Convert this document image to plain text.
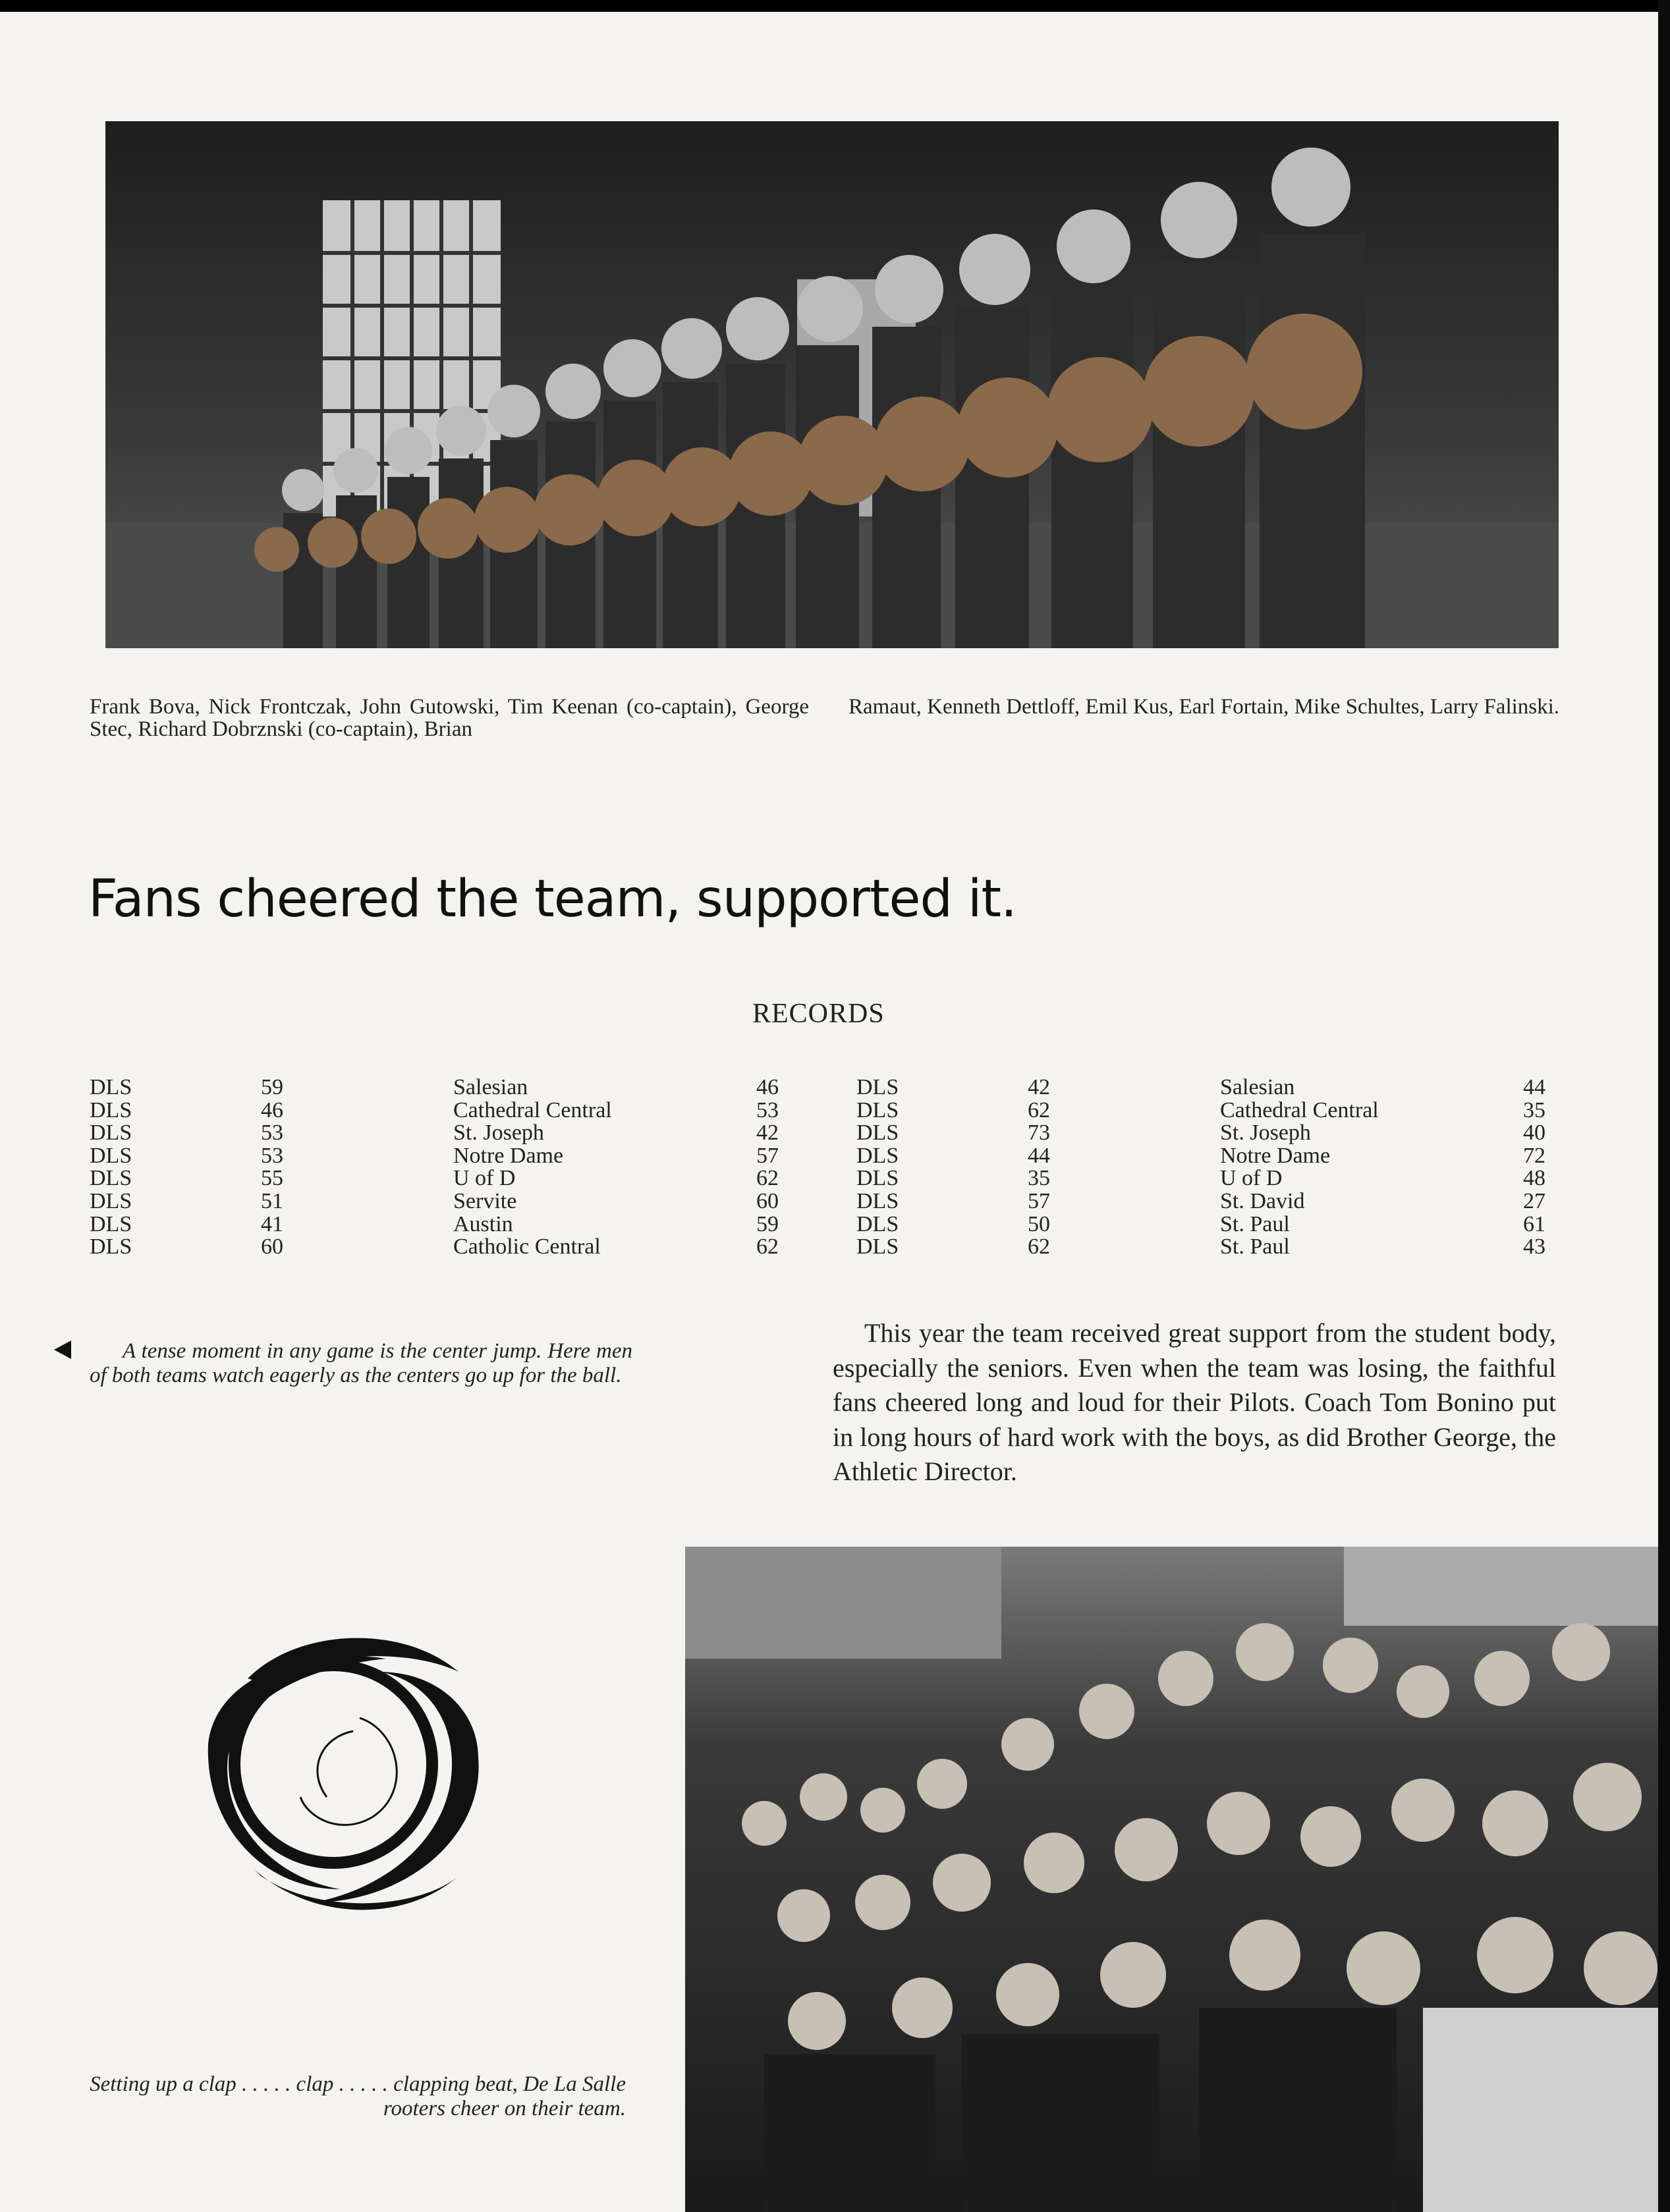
Frank Bova, Nick Frontczak, John Gutowski, Tim Keenan (co-captain), George Stec, Richard Dobrznski (co-captain), Brian
Ramaut, Kenneth Dettloff, Emil Kus, Earl Fortain, Mike Schultes, Larry Falinski.
Fans cheered the team, supported it.
RECORDS
DLS
DLS
DLS
DLS
DLS
DLS
DLS
DLS
59
46
53
53
55
51
41
60
Salesian
Cathedral Central
St. Joseph
Notre Dame
U of D
Servite
Austin
Catholic Central
46
53
42
57
62
60
59
62
DLS
DLS
DLS
DLS
DLS
DLS
DLS
DLS
42
62
73
44
35
57
50
62
Salesian
Cathedral Central
St. Joseph
Notre Dame
U of D
St. David
St. Paul
St. Paul
44
35
40
72
48
27
61
43
A tense moment in any game is the center jump. Here men of both teams watch eagerly as the centers go up for the ball.
This year the team received great support from the student body, especially the seniors. Even when the team was losing, the faithful fans cheered long and loud for their Pilots. Coach Tom Bonino put in long hours of hard work with the boys, as did Brother George, the Athletic Director.
Setting up a clap . . . . . clap . . . . . clapping beat, De La Salle rooters cheer on their team.
